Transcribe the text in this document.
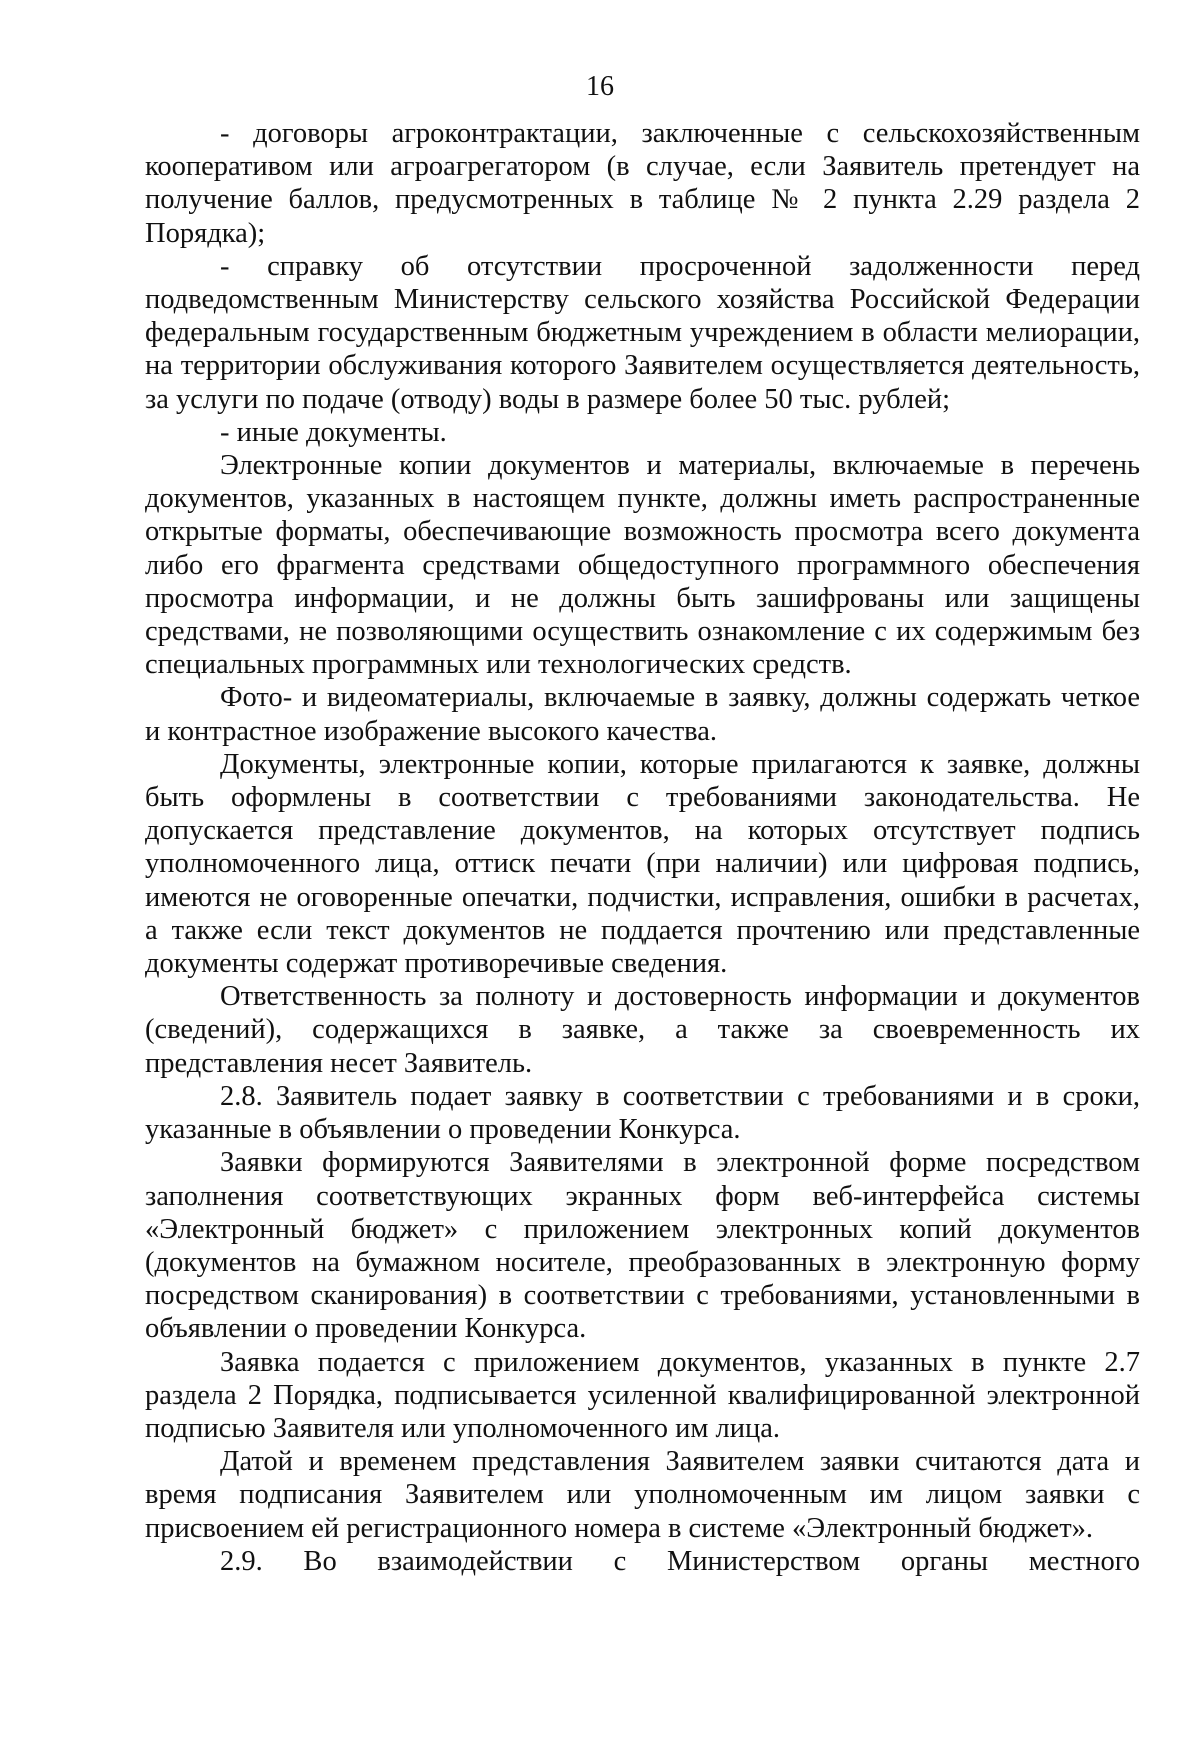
16

- договоры агроконтрактации, заключенные с сельскохозяйственным кооперативом или агроагрегатором (в случае, если Заявитель претендует на получение баллов, предусмотренных в таблице № 2 пункта 2.29 раздела 2 Порядка);

- справку об отсутствии просроченной задолженности перед подведомственным Министерству сельского хозяйства Российской Федерации федеральным государственным бюджетным учреждением в области мелиорации, на территории обслуживания которого Заявителем осуществляется деятельность, за услуги по подаче (отводу) воды в размере более 50 тыс. рублей;

- иные документы.

Электронные копии документов и материалы, включаемые в перечень документов, указанных в настоящем пункте, должны иметь распространенные открытые форматы, обеспечивающие возможность просмотра всего документа либо его фрагмента средствами общедоступного программного обеспечения просмотра информации, и не должны быть зашифрованы или защищены средствами, не позволяющими осуществить ознакомление с их содержимым без специальных программных или технологических средств.

Фото- и видеоматериалы, включаемые в заявку, должны содержать четкое и контрастное изображение высокого качества.

Документы, электронные копии, которые прилагаются к заявке, должны быть оформлены в соответствии с требованиями законодательства. Не допускается представление документов, на которых отсутствует подпись уполномоченного лица, оттиск печати (при наличии) или цифровая подпись, имеются не оговоренные опечатки, подчистки, исправления, ошибки в расчетах, а также если текст документов не поддается прочтению или представленные документы содержат противоречивые сведения.

Ответственность за полноту и достоверность информации и документов (сведений), содержащихся в заявке, а также за своевременность их представления несет Заявитель.

2.8. Заявитель подает заявку в соответствии с требованиями и в сроки, указанные в объявлении о проведении Конкурса.

Заявки формируются Заявителями в электронной форме посредством заполнения соответствующих экранных форм веб-интерфейса системы «Электронный бюджет» с приложением электронных копий документов (документов на бумажном носителе, преобразованных в электронную форму посредством сканирования) в соответствии с требованиями, установленными в объявлении о проведении Конкурса.

Заявка подается с приложением документов, указанных в пункте 2.7 раздела 2 Порядка, подписывается усиленной квалифицированной электронной подписью Заявителя или уполномоченного им лица.

Датой и временем представления Заявителем заявки считаются дата и время подписания Заявителем или уполномоченным им лицом заявки с присвоением ей регистрационного номера в системе «Электронный бюджет».

2.9. Во взаимодействии с Министерством органы местного
